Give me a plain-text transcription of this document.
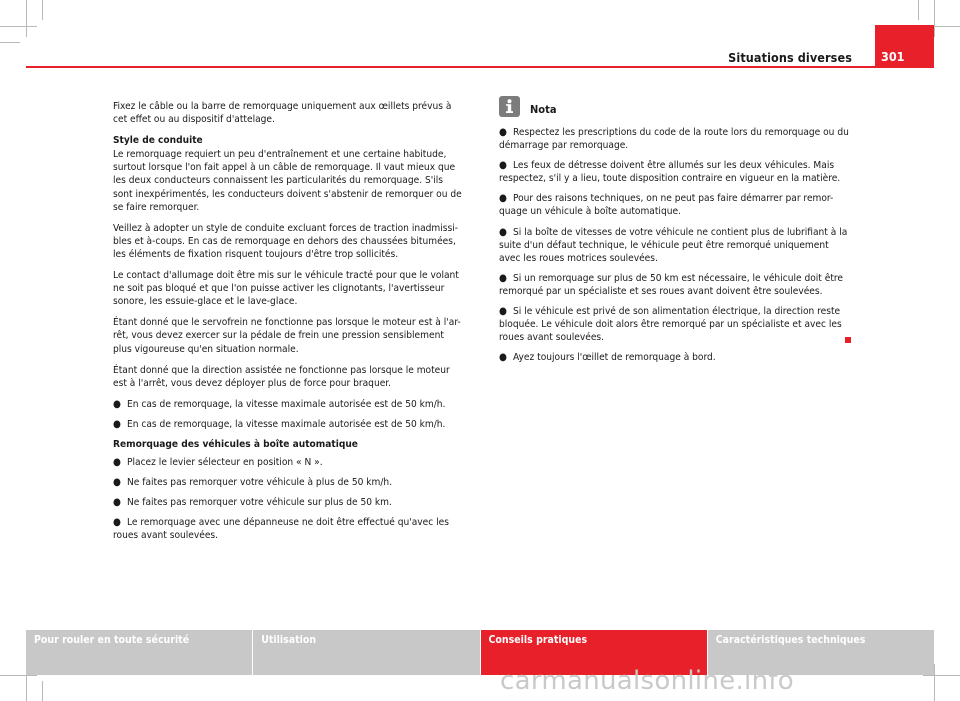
Situations diverses	301

Fixez le câble ou la barre de remorquage uniquement aux œillets prévus à cet effet ou au dispositif d'attelage.

Style de conduite

Le remorquage requiert un peu d'entraînement et une certaine habitude, surtout lorsque l'on fait appel à un câble de remorquage. Il vaut mieux que les deux conducteurs connaissent les particularités du remorquage. S'ils sont inexpérimentés, les conducteurs doivent s'abstenir de remorquer ou de se faire remorquer.

Veillez à adopter un style de conduite excluant forces de traction inadmissi-bles et à-coups. En cas de remorquage en dehors des chaussées bitumées, les éléments de fixation risquent toujours d'être trop sollicités.

Le contact d'allumage doit être mis sur le véhicule tracté pour que le volant ne soit pas bloqué et que l'on puisse activer les clignotants, l'avertisseur sonore, les essuie-glace et le lave-glace.

Étant donné que le servofrein ne fonctionne pas lorsque le moteur est à l'ar-rêt, vous devez exercer sur la pédale de frein une pression sensiblement plus vigoureuse qu'en situation normale.

Étant donné que la direction assistée ne fonctionne pas lorsque le moteur est à l'arrêt, vous devez déployer plus de force pour braquer.

● En cas de remorquage, la vitesse maximale autorisée est de 50 km/h.
● En cas de remorquage, la vitesse maximale autorisée est de 50 km/h.
Remorquage des véhicules à boîte automatique
● Placez le levier sélecteur en position « N ».
● Ne faites pas remorquer votre véhicule à plus de 50 km/h.
● Ne faites pas remorquer votre véhicule sur plus de 50 km.
● Le remorquage avec une dépanneuse ne doit être effectué qu'avec les roues avant soulevées.
Nota
● Respectez les prescriptions du code de la route lors du remorquage ou du démarrage par remorquage.
● Les feux de détresse doivent être allumés sur les deux véhicules. Mais respectez, s'il y a lieu, toute disposition contraire en vigueur en la matière.
● Pour des raisons techniques, on ne peut pas faire démarrer par remor-quage un véhicule à boîte automatique.
● Si la boîte de vitesses de votre véhicule ne contient plus de lubrifiant à la suite d'un défaut technique, le véhicule peut être remorqué uniquement avec les roues motrices soulevées.
● Si un remorquage sur plus de 50 km est nécessaire, le véhicule doit être remorqué par un spécialiste et ses roues avant doivent être soulevées.
● Si le véhicule est privé de son alimentation électrique, la direction reste bloquée. Le véhicule doit alors être remorqué par un spécialiste et avec les roues avant soulevées.
● Ayez toujours l'œillet de remorquage à bord.
Pour rouler en toute sécurité	Utilisation	Conseils pratiques	Caractéristiques techniques
carmanualsonline.info
